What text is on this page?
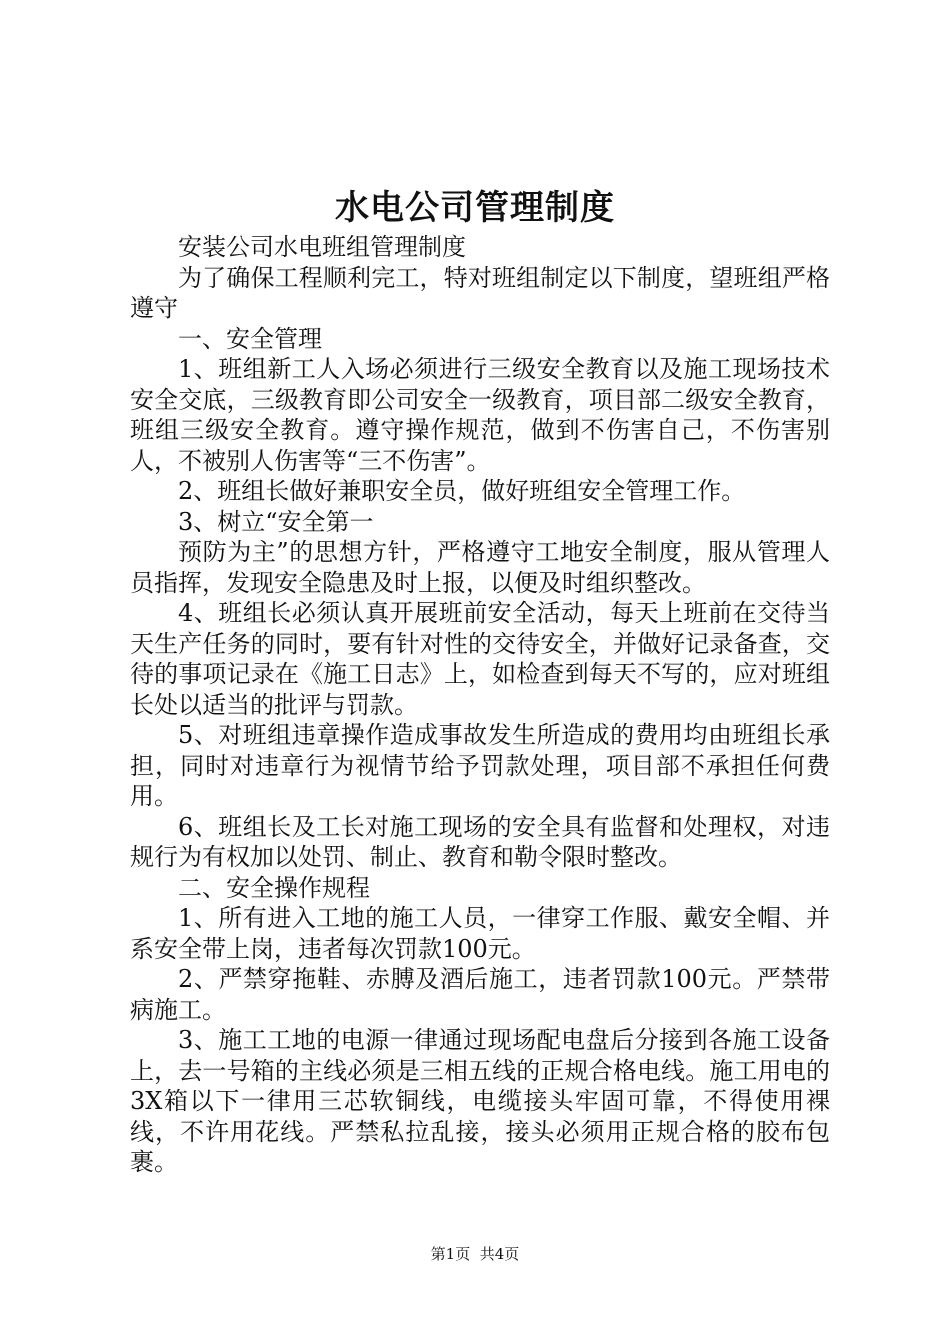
水电公司管理制度

安装公司水电班组管理制度

为了确保工程顺利完工，特对班组制定以下制度，望班组严格遵守

一、安全管理

1、班组新工人入场必须进行三级安全教育以及施工现场技术安全交底，三级教育即公司安全一级教育，项目部二级安全教育，班组三级安全教育。遵守操作规范，做到不伤害自己，不伤害别人，不被别人伤害等“三不伤害”。

2、班组长做好兼职安全员，做好班组安全管理工作。

3、树立“安全第一

预防为主”的思想方针，严格遵守工地安全制度，服从管理人员指挥，发现安全隐患及时上报，以便及时组织整改。

4、班组长必须认真开展班前安全活动，每天上班前在交待当天生产任务的同时，要有针对性的交待安全，并做好记录备查，交待的事项记录在《施工日志》上，如检查到每天不写的，应对班组长处以适当的批评与罚款。

5、对班组违章操作造成事故发生所造成的费用均由班组长承担，同时对违章行为视情节给予罚款处理，项目部不承担任何费用。

6、班组长及工长对施工现场的安全具有监督和处理权，对违规行为有权加以处罚、制止、教育和勒令限时整改。

二、安全操作规程

1、所有进入工地的施工人员，一律穿工作服、戴安全帽、并系安全带上岗，违者每次罚款100元。

2、严禁穿拖鞋、赤膊及酒后施工，违者罚款100元。严禁带病施工。

3、施工工地的电源一律通过现场配电盘后分接到各施工设备上，去一号箱的主线必须是三相五线的正规合格电线。施工用电的3X箱以下一律用三芯软铜线，电缆接头牢固可靠，不得使用裸线，不许用花线。严禁私拉乱接，接头必须用正规合格的胶布包裹。

第1页 共4页
